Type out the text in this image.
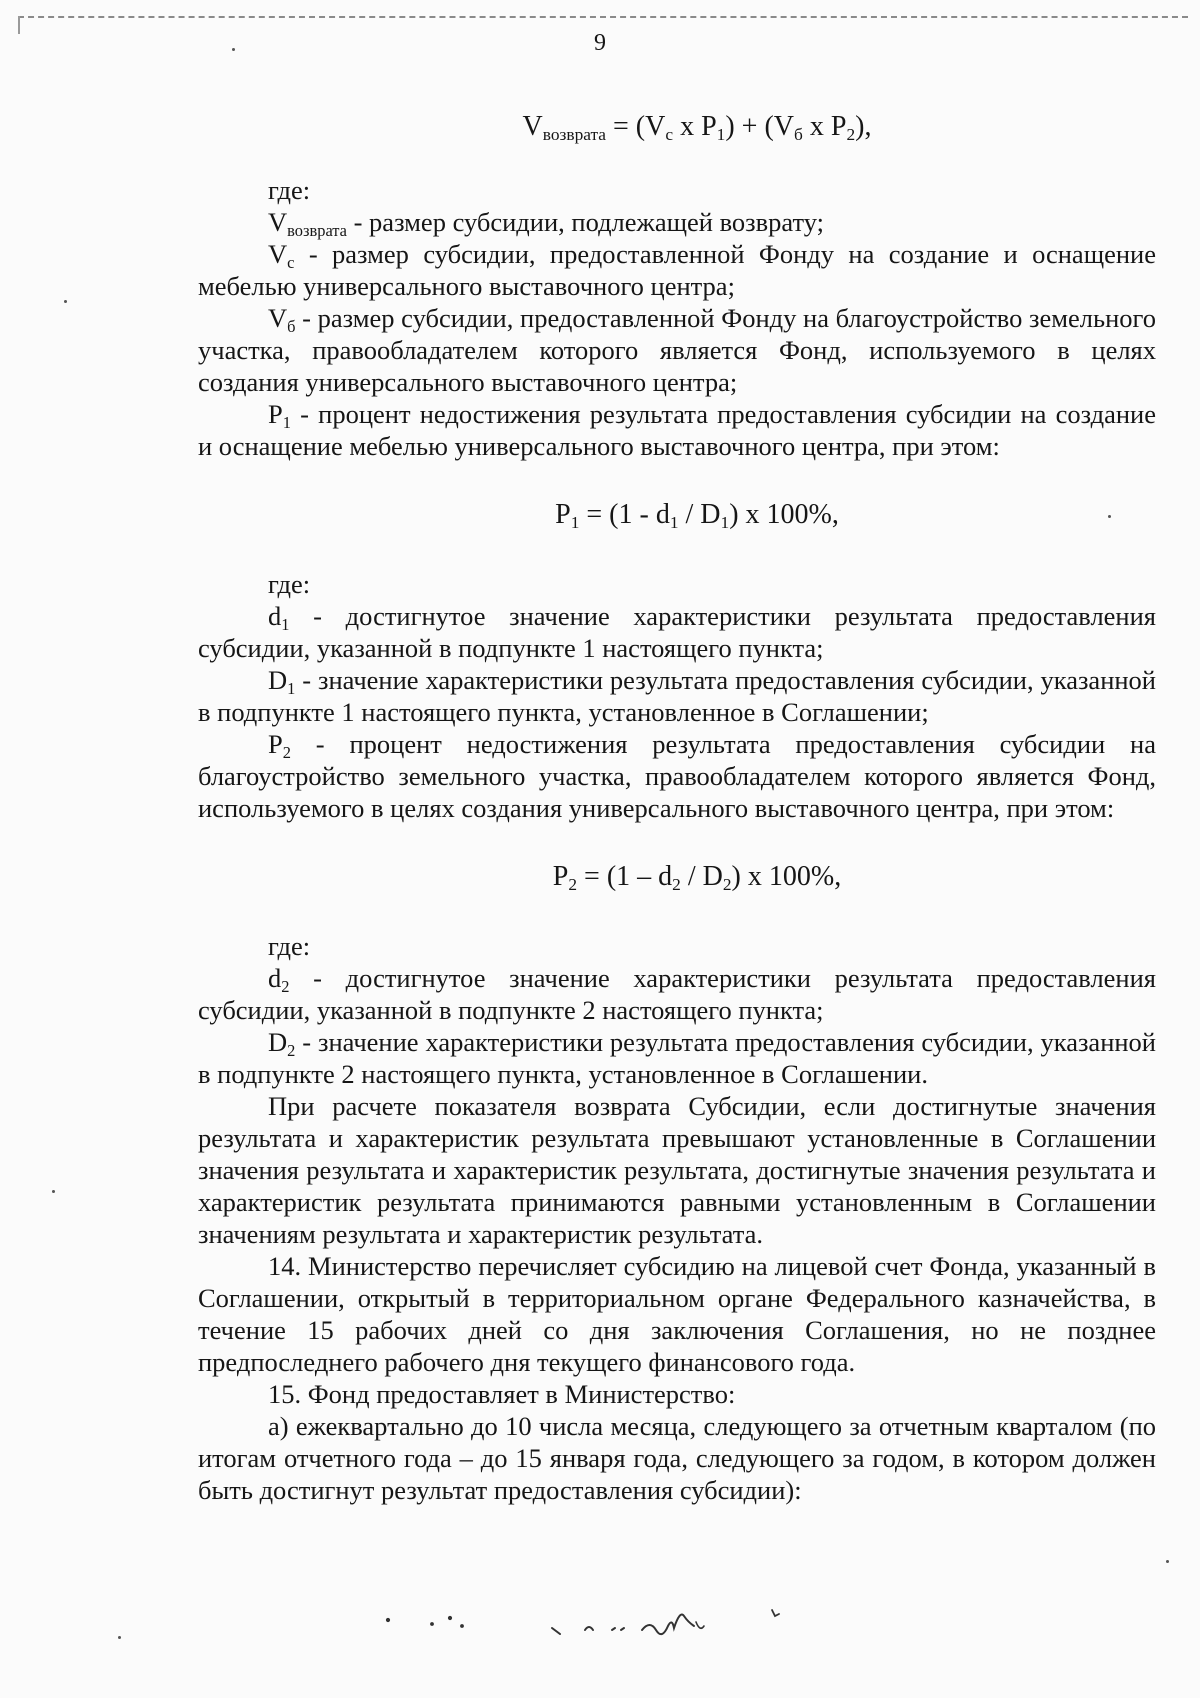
9
$V_{возврата} = (V_с$ x $P_1) + (V_б$ x $P_2$),

где:

$V_{возврата}$ - размер субсидии, подлежащей возврату;

$V_с$ - размер субсидии, предоставленной Фонду на создание и оснащение мебелью универсального выставочного центра;

$V_б$ - размер субсидии, предоставленной Фонду на благоустройство земельного участка, правообладателем которого является Фонд, используемого в целях создания универсального выставочного центра;

$P_1$ - процент недостижения результата предоставления субсидии на создание и оснащение мебелью универсального выставочного центра, при этом:

$P_1 = (1 - d_1 / D_1)$ x 100%,

где:

$d_1$ - достигнутое значение характеристики результата предоставления субсидии, указанной в подпункте 1 настоящего пункта;

$D_1$ - значение характеристики результата предоставления субсидии, указанной в подпункте 1 настоящего пункта, установленное в Соглашении;

$P_2$ - процент недостижения результата предоставления субсидии на благоустройство земельного участка, правообладателем которого является Фонд, используемого в целях создания универсального выставочного центра, при этом:

$P_2 = (1 - d_2 / D_2)$ x 100%,

где:

$d_2$ - достигнутое значение характеристики результата предоставления субсидии, указанной в подпункте 2 настоящего пункта;

$D_2$ - значение характеристики результата предоставления субсидии, указанной в подпункте 2 настоящего пункта, установленное в Соглашении.

При расчете показателя возврата Субсидии, если достигнутые значения результата и характеристик результата превышают установленные в Соглашении значения результата и характеристик результата, достигнутые значения результата и характеристик результата принимаются равными установленным в Соглашении значениям результата и характеристик результата.

14. Министерство перечисляет субсидию на лицевой счет Фонда, указанный в Соглашении, открытый в территориальном органе Федерального казначейства, в течение 15 рабочих дней со дня заключения Соглашения, но не позднее предпоследнего рабочего дня текущего финансового года.

15. Фонд предоставляет в Министерство:

а) ежеквартально до 10 числа месяца, следующего за отчетным кварталом (по итогам отчетного года – до 15 января года, следующего за годом, в котором должен быть достигнут результат предоставления субсидии):
